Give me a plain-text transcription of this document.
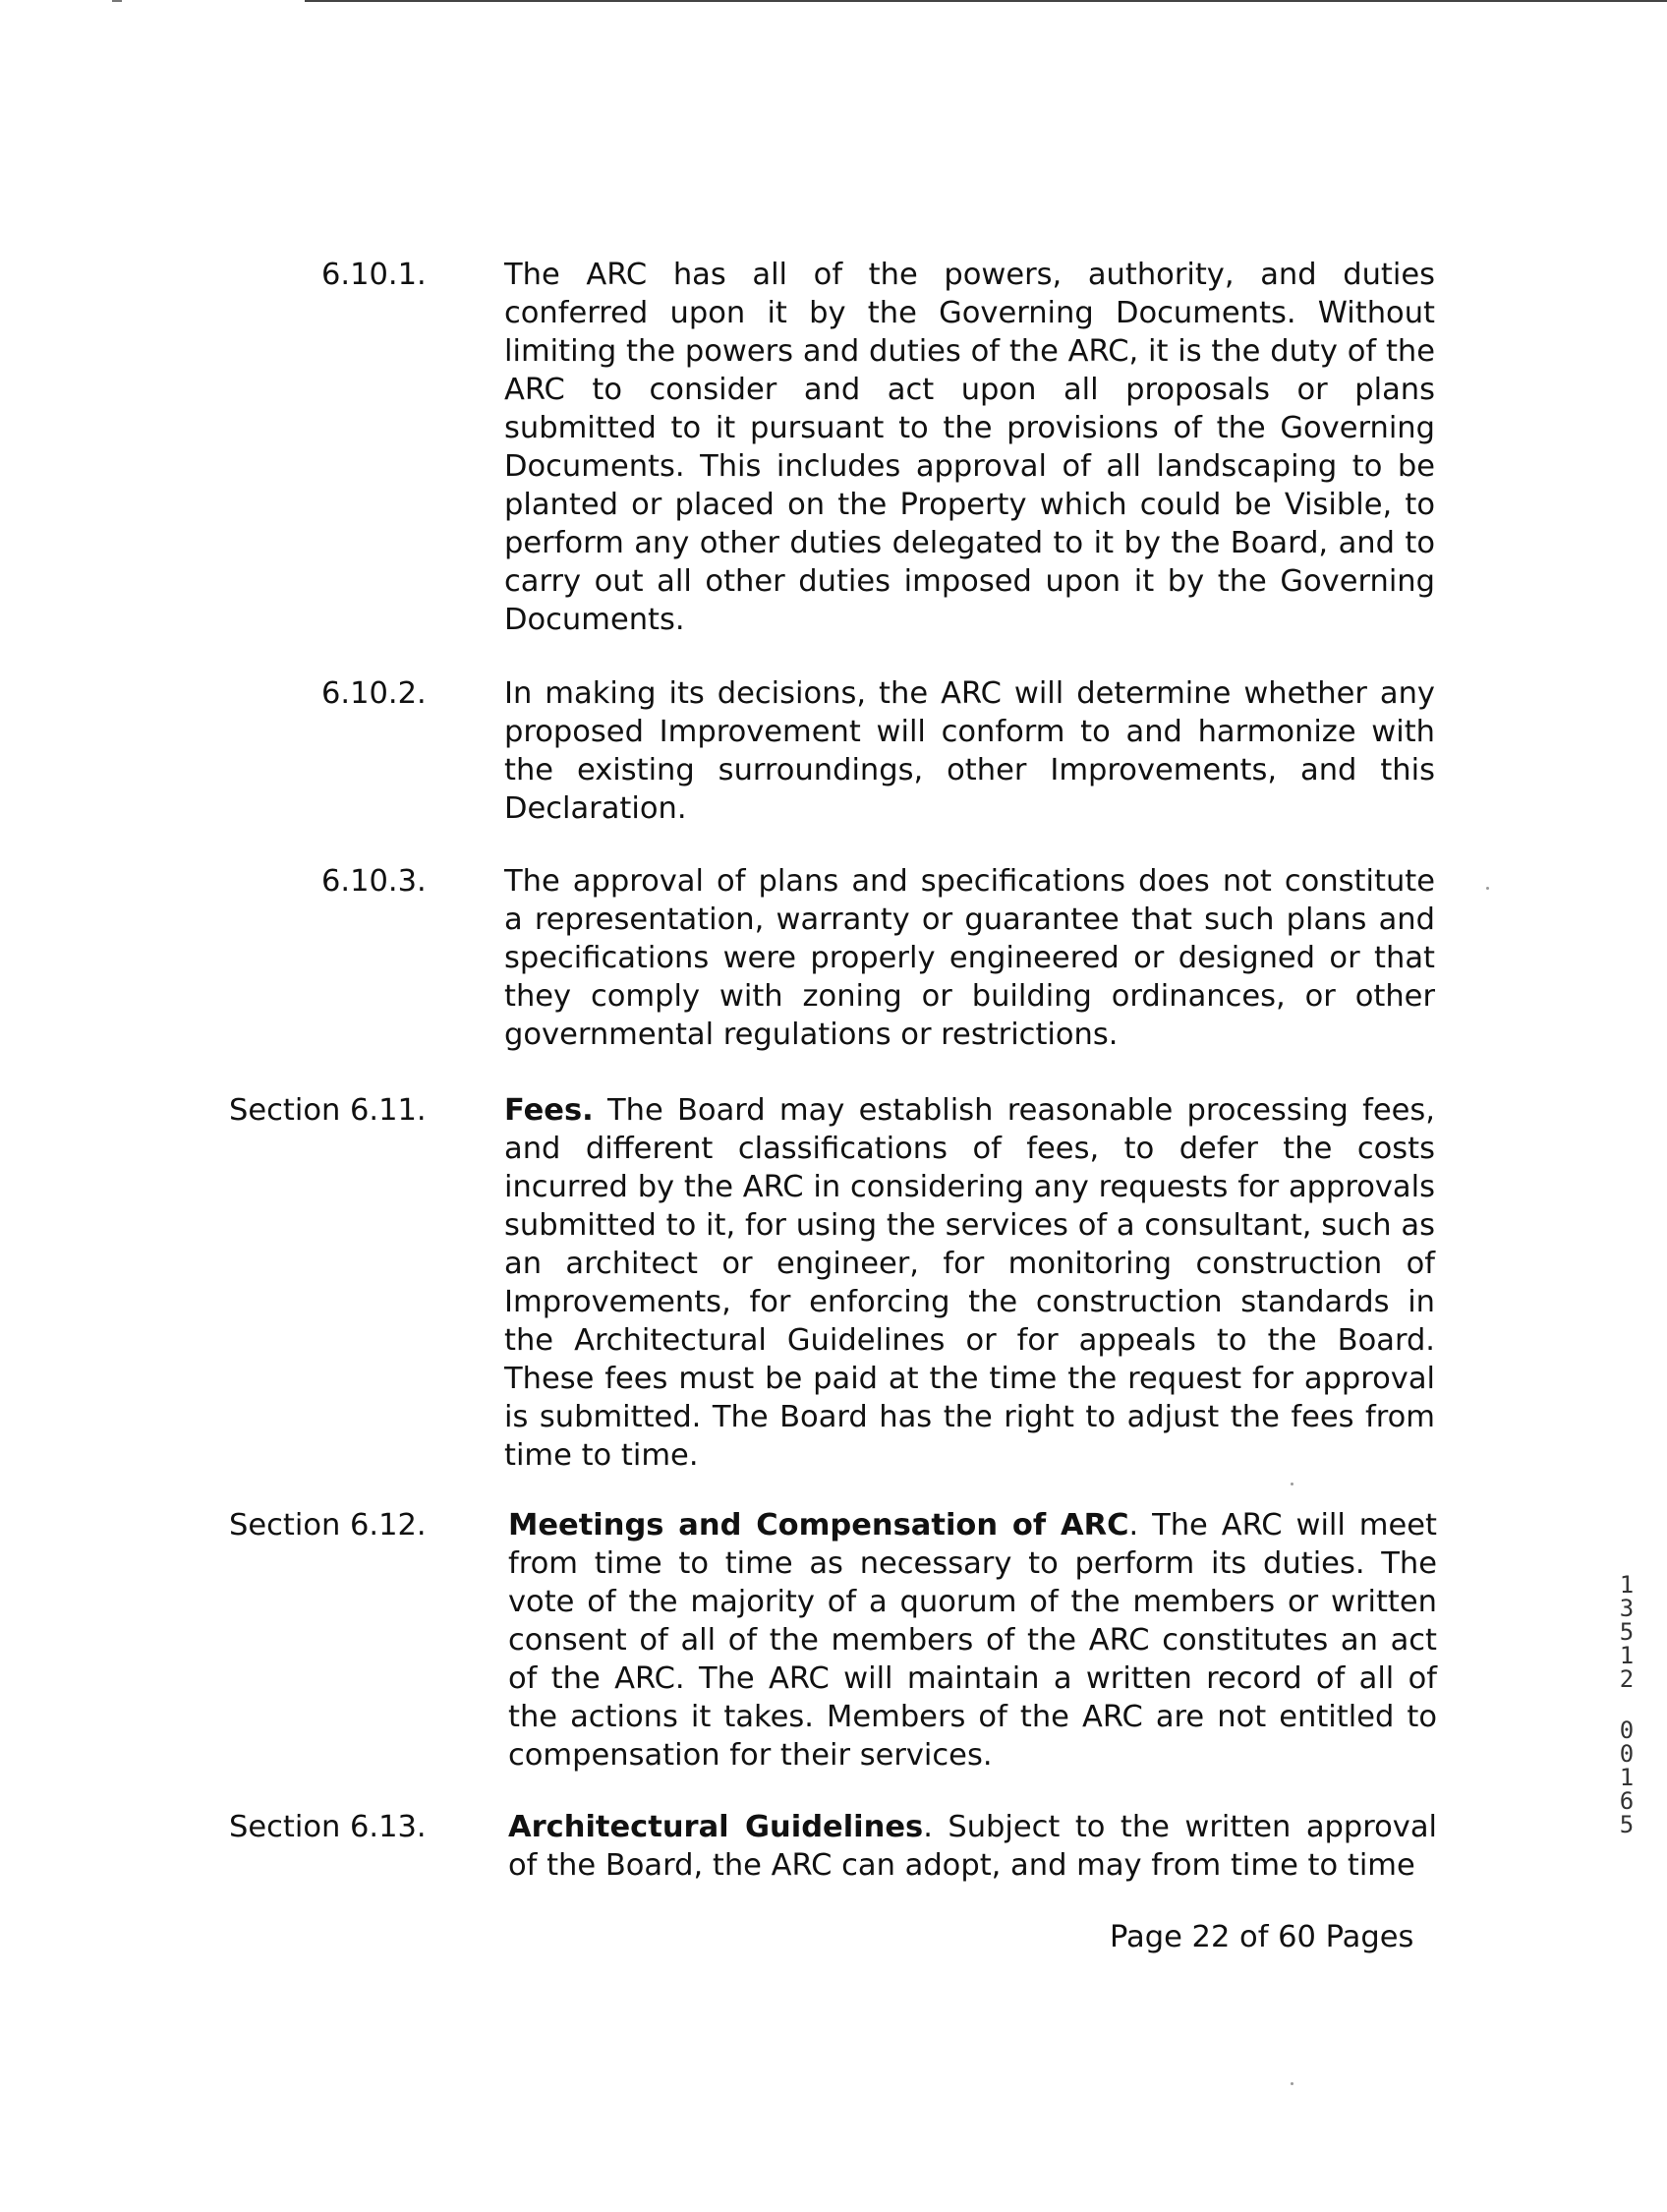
6.10.1.	The ARC has all of the powers, authority, and duties conferred upon it by the Governing Documents. Without limiting the powers and duties of the ARC, it is the duty of the ARC to consider and act upon all proposals or plans submitted to it pursuant to the provisions of the Governing Documents. This includes approval of all landscaping to be planted or placed on the Property which could be Visible, to perform any other duties delegated to it by the Board, and to carry out all other duties imposed upon it by the Governing Documents.
6.10.2.	In making its decisions, the ARC will determine whether any proposed Improvement will conform to and harmonize with the existing surroundings, other Improvements, and this Declaration.
6.10.3.	The approval of plans and specifications does not constitute a representation, warranty or guarantee that such plans and specifications were properly engineered or designed or that they comply with zoning or building ordinances, or other governmental regulations or restrictions.
Section 6.11.	Fees. The Board may establish reasonable processing fees, and different classifications of fees, to defer the costs incurred by the ARC in considering any requests for approvals submitted to it, for using the services of a consultant, such as an architect or engineer, for monitoring construction of Improvements, for enforcing the construction standards in the Architectural Guidelines or for appeals to the Board. These fees must be paid at the time the request for approval is submitted. The Board has the right to adjust the fees from time to time.
Section 6.12.	Meetings and Compensation of ARC. The ARC will meet from time to time as necessary to perform its duties. The vote of the majority of a quorum of the members or written consent of all of the members of the ARC constitutes an act of the ARC. The ARC will maintain a written record of all of the actions it takes. Members of the ARC are not entitled to compensation for their services.
Section 6.13.	Architectural Guidelines. Subject to the written approval of the Board, the ARC can adopt, and may from time to time
Page 22 of 60 Pages
1
3
5
1
2
0
0
1
6
5
